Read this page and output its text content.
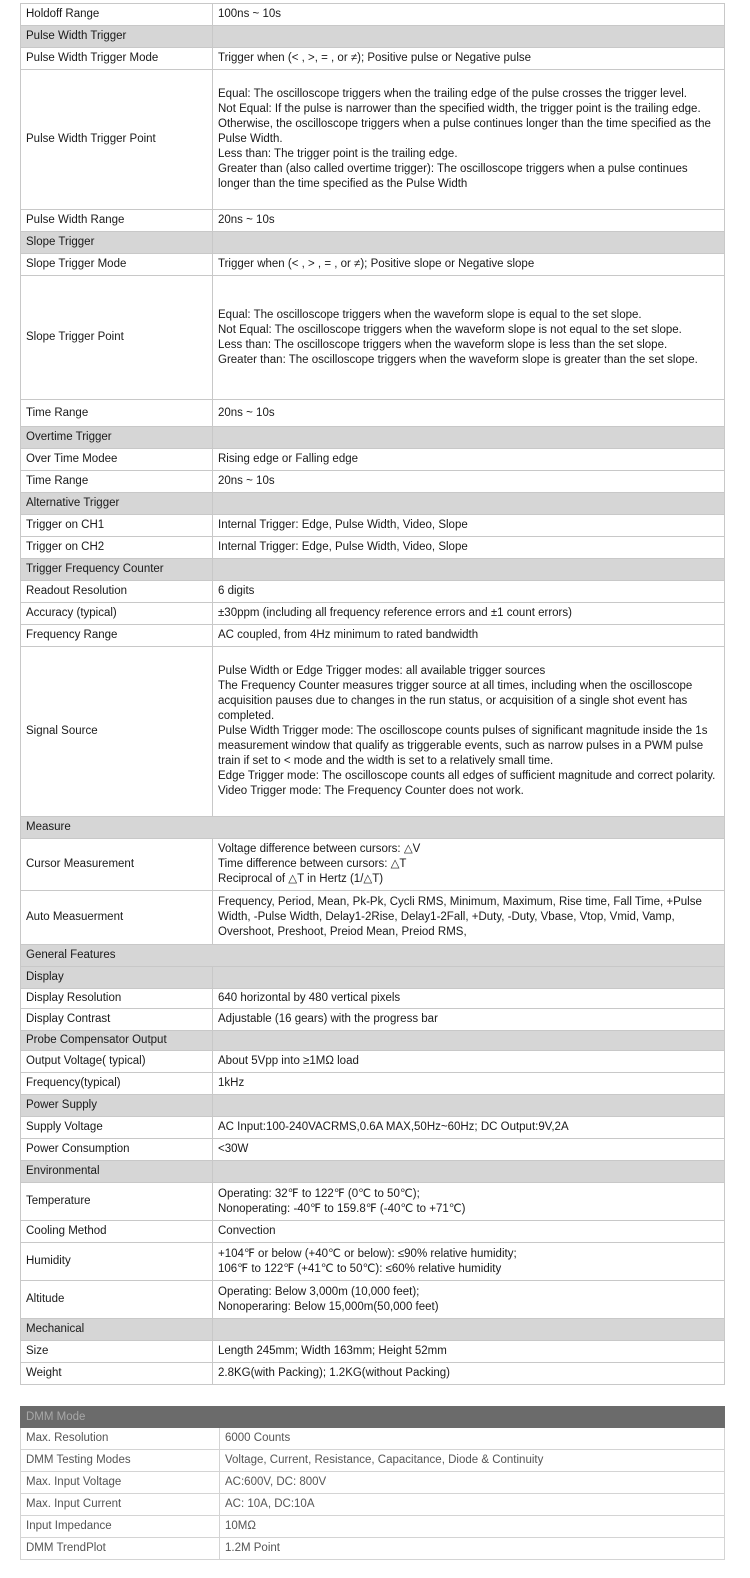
Holdoff Range	100ns ~ 10s
Pulse Width Trigger	
Pulse Width Trigger Mode	Trigger when (< , >, = , or ≠); Positive pulse or Negative pulse
Pulse Width Trigger Point	Equal: The oscilloscope triggers when the trailing edge of the pulse crosses the trigger level.
Not Equal: If the pulse is narrower than the specified width, the trigger point is the trailing edge. Otherwise, the oscilloscope triggers when a pulse continues longer than the time specified as the Pulse Width.
Less than: The trigger point is the trailing edge.
Greater than (also called overtime trigger): The oscilloscope triggers when a pulse continues longer than the time specified as the Pulse Width
Pulse Width Range	20ns ~ 10s
Slope Trigger	
Slope Trigger Mode	Trigger when (< , > , = , or ≠); Positive slope or Negative slope
Slope Trigger Point	Equal: The oscilloscope triggers when the waveform slope is equal to the set slope.
Not Equal: The oscilloscope triggers when the waveform slope is not equal to the set slope.
Less than: The oscilloscope triggers when the waveform slope is less than the set slope.
Greater than: The oscilloscope triggers when the waveform slope is greater than the set slope.
Time Range	20ns ~ 10s
Overtime Trigger	
Over Time Modee	Rising edge or Falling edge
Time Range	20ns ~ 10s
Alternative Trigger	
Trigger on CH1	Internal Trigger: Edge, Pulse Width, Video, Slope
Trigger on CH2	Internal Trigger: Edge, Pulse Width, Video, Slope
Trigger Frequency Counter	
Readout Resolution	6 digits
Accuracy (typical)	±30ppm (including all frequency reference errors and ±1 count errors)
Frequency Range	AC coupled, from 4Hz minimum to rated bandwidth
Signal Source	Pulse Width or Edge Trigger modes: all available trigger sources
The Frequency Counter measures trigger source at all times, including when the oscilloscope acquisition pauses due to changes in the run status, or acquisition of a single shot event has completed.
Pulse Width Trigger mode: The oscilloscope counts pulses of significant magnitude inside the 1s measurement window that qualify as triggerable events, such as narrow pulses in a PWM pulse train if set to < mode and the width is set to a relatively small time.
Edge Trigger mode: The oscilloscope counts all edges of sufficient magnitude and correct polarity.
Video Trigger mode: The Frequency Counter does not work.
Measure	
Cursor Measurement	Voltage difference between cursors: △V
Time difference between cursors: △T
Reciprocal of △T in Hertz (1/△T)
Auto Measuerment	Frequency, Period, Mean, Pk-Pk, Cycli RMS, Minimum, Maximum, Rise time, Fall Time, +Pulse Width, -Pulse Width, Delay1-2Rise, Delay1-2Fall, +Duty, -Duty, Vbase, Vtop, Vmid, Vamp, Overshoot, Preshoot, Preiod Mean, Preiod RMS,
General Features	
Display	
Display Resolution	640 horizontal by 480 vertical pixels
Display Contrast	Adjustable (16 gears) with the progress bar
Probe Compensator Output	
Output Voltage( typical)	About 5Vpp into ≥1MΩ load
Frequency(typical)	1kHz
Power Supply	
Supply Voltage	AC Input:100-240VACRMS,0.6A MAX,50Hz~60Hz; DC Output:9V,2A
Power Consumption	<30W
Environmental	
Temperature	Operating: 32℉ to 122℉ (0℃ to 50℃);
Nonoperating: -40℉ to 159.8℉ (-40℃ to +71℃)
Cooling Method	Convection
Humidity	+104℉ or below (+40℃ or below): ≤90% relative humidity;
106℉ to 122℉ (+41℃ to 50℃): ≤60% relative humidity
Altitude	Operating: Below 3,000m (10,000 feet);
Nonoperaring: Below 15,000m(50,000 feet)
Mechanical	
Size	Length 245mm; Width 163mm; Height 52mm
Weight	2.8KG(with Packing); 1.2KG(without Packing)
DMM Mode	
Max. Resolution	6000 Counts
DMM Testing Modes	Voltage, Current, Resistance, Capacitance, Diode & Continuity
Max. Input Voltage	AC:600V, DC: 800V
Max. Input Current	AC: 10A, DC:10A
Input Impedance	10MΩ
DMM TrendPlot	1.2M Point
